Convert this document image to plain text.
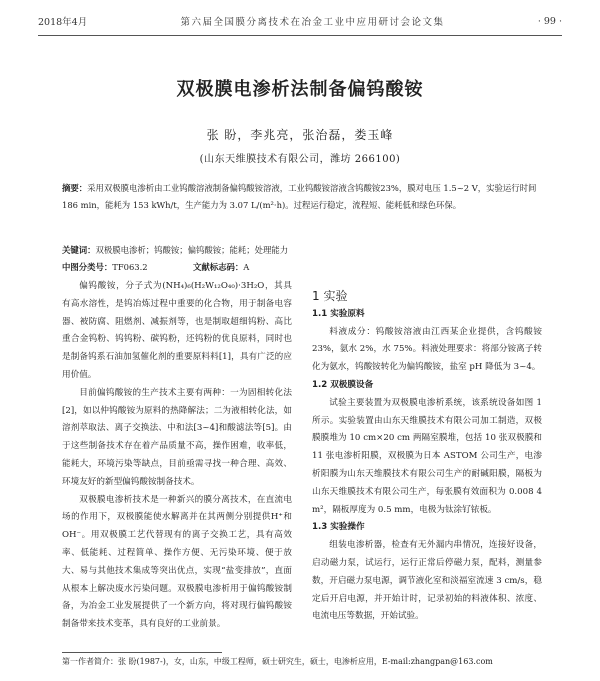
2018年4月	第六届全国膜分离技术在冶金工业中应用研讨会论文集	· 99 ·
双极膜电渗析法制备偏钨酸铵
张 盼，李兆亮，张治磊，娄玉峰
(山东天维膜技术有限公司，潍坊 266100)
摘要：采用双极膜电渗析由工业钨酸溶液制备偏钨酸铵溶液，工业钨酸铵溶液含钨酸铵23%，膜对电压 1.5~2 V，实验运行时间 186 min，能耗为 153 kWh/t，生产能力为 3.07 L/(m²·h)。过程运行稳定，流程短、能耗低和绿色环保。
关键词：双极膜电渗析；钨酸铵；偏钨酸铵；能耗；处理能力
中图分类号：TF063.2	文献标志码：A

偏钨酸铵，分子式为(NH₄)₆(H₂W₁₂O₄₀)·3H₂O，其具有高水溶性，是钨冶炼过程中重要的化合物，用于制备电容器、被防腐、阻燃剂、减振剂等，也是制取超细钨粉、高比重合金钨粉、钨钨粉、碳钨粉，还钨粉的优良原料，同时也是制备钨系石油加氢催化剂的重要原料料[1]，具有广泛的应用价值。

目前偏钨酸铵的生产技术主要有两种：一为固相转化法[2]，如以仲钨酸铵为原料的热降解法；二为液相转化法，如溶剂萃取法、离子交换法、中和法[3~4]和酸滤法等[5]。由于这些制备技术存在着产品质量不高，操作困难，收率低，能耗大，环境污染等缺点，目前亟需寻找一种合理、高效、环境友好的新型偏钨酸铵制备技术。

双极膜电渗析技术是一种新兴的膜分离技术，在直流电场的作用下，双极膜能使水解离并在其两侧分别提供H⁺和OH⁻。用双极膜工艺代替现有的离子交换工艺，具有高效率、低能耗、过程简单、操作方便、无污染环境、便于放大、易与其他技术集成等突出优点，实现“盐变排放”，直面从根本上解决废水污染问题。双极膜电渗析用于偏钨酸铵制备，为冶金工业发展提供了一个新方向，将对现行偏钨酸铵制备带来技术变革，具有良好的工业前景。

1 实验

1.1 实验原料

料液成分：钨酸铵溶液由江西某企业提供，含钨酸铵 23%，氨水 2%，水 75%。料液处理要求：将部分铵离子转化为氨水，钨酸铵转化为偏钨酸铵，盐室 pH 降低为 3~4。

1.2 双极膜设备

试验主要装置为双极膜电渗析系统，该系统设备如图 1 所示。实验装置由山东天维膜技术有限公司加工制造，双极膜膜堆为 10 cm×20 cm 两隔室膜堆，包括 10 张双极膜和 11 张电渗析阳膜，双极膜为日本 ASTOM 公司生产，电渗析阳膜为山东天维膜技术有限公司生产的耐碱阳膜，隔板为山东天维膜技术有限公司生产，每张膜有效面积为 0.008 4 m²，隔板厚度为 0.5 mm，电极为钛涂钌铱板。

1.3 实验操作

组装电渗析器，检查有无外漏内串情况，连接好设备，启动磁力泵，试运行，运行正常后停磁力泵，配料，测量参数，开启磁力泵电源，调节液化室和淡福室流速 3 cm/s，稳定后开启电源，并开始计时，记录初始的料液体积、浓度、电流电压等数据，开始试验。

第一作者简介：张 盼(1987-)，女，山东，中级工程师，硕士研究生，硕士，电渗析应用，E-mail:zhangpan@163.com
